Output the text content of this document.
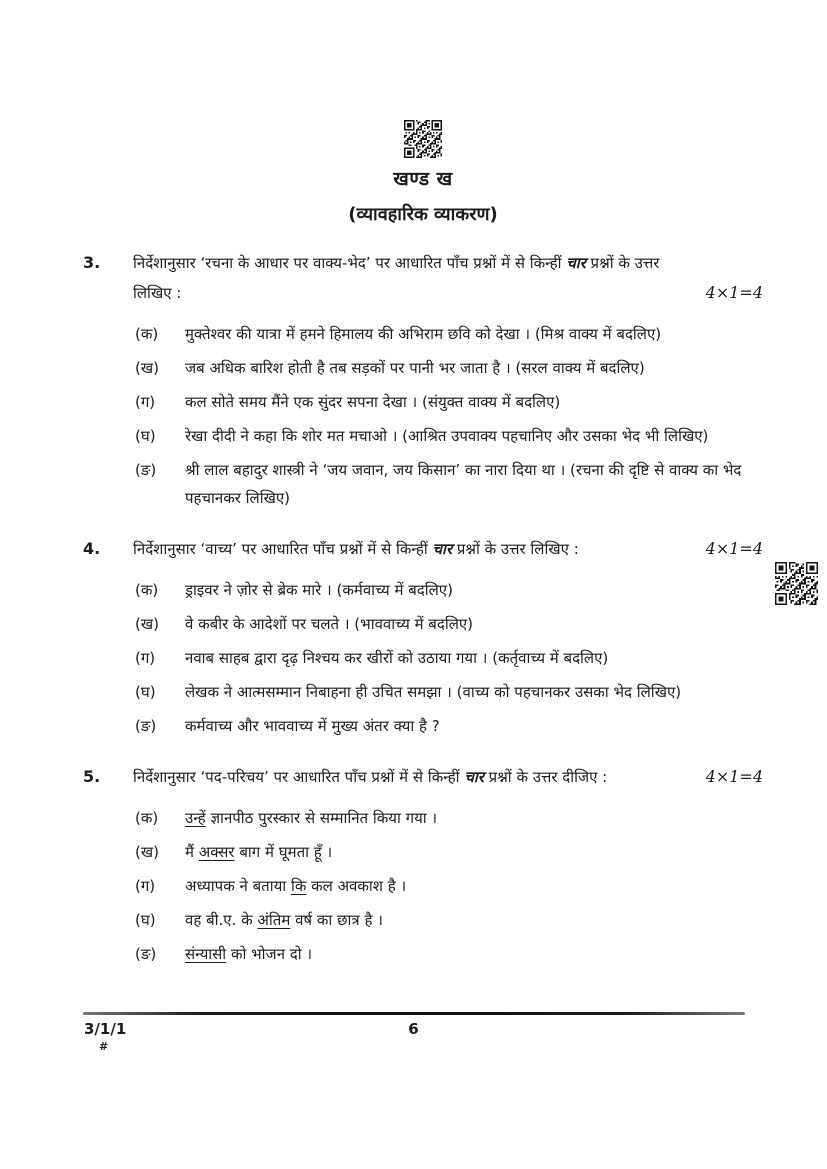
खण्ड ख
(व्यावहारिक व्याकरण)
3.	निर्देशानुसार ‘रचना के आधार पर वाक्य-भेद’ पर आधारित पाँच प्रश्नों में से किन्हीं चार प्रश्नों के उत्तर लिखिए :	4×1=4
(क)	मुक्तेश्वर की यात्रा में हमने हिमालय की अभिराम छवि को देखा । (मिश्र वाक्य में बदलिए)
(ख)	जब अधिक बारिश होती है तब सड़कों पर पानी भर जाता है । (सरल वाक्य में बदलिए)
(ग)	कल सोते समय मैंने एक सुंदर सपना देखा । (संयुक्त वाक्य में बदलिए)
(घ)	रेखा दीदी ने कहा कि शोर मत मचाओ । (आश्रित उपवाक्य पहचानिए और उसका भेद भी लिखिए)
(ङ)	श्री लाल बहादुर शास्त्री ने ‘जय जवान, जय किसान’ का नारा दिया था । (रचना की दृष्टि से वाक्य का भेद पहचानकर लिखिए)
4.	निर्देशानुसार ‘वाच्य’ पर आधारित पाँच प्रश्नों में से किन्हीं चार प्रश्नों के उत्तर लिखिए :	4×1=4
(क)	ड्राइवर ने ज़ोर से ब्रेक मारे । (कर्मवाच्य में बदलिए)
(ख)	वे कबीर के आदेशों पर चलते । (भाववाच्य में बदलिए)
(ग)	नवाब साहब द्वारा दृढ़ निश्चय कर खीरों को उठाया गया । (कर्तृवाच्य में बदलिए)
(घ)	लेखक ने आत्मसम्मान निबाहना ही उचित समझा । (वाच्य को पहचानकर उसका भेद लिखिए)
(ङ)	कर्मवाच्य और भाववाच्य में मुख्य अंतर क्या है ?
5.	निर्देशानुसार ‘पद-परिचय’ पर आधारित पाँच प्रश्नों में से किन्हीं चार प्रश्नों के उत्तर दीजिए :	4×1=4
(क)	उन्हें ज्ञानपीठ पुरस्कार से सम्मानित किया गया ।
(ख)	मैं अक्सर बाग में घूमता हूँ ।
(ग)	अध्यापक ने बताया कि कल अवकाश है ।
(घ)	वह बी.ए. के अंतिम वर्ष का छात्र है ।
(ङ)	संन्यासी को भोजन दो ।
3/1/1	6
#
